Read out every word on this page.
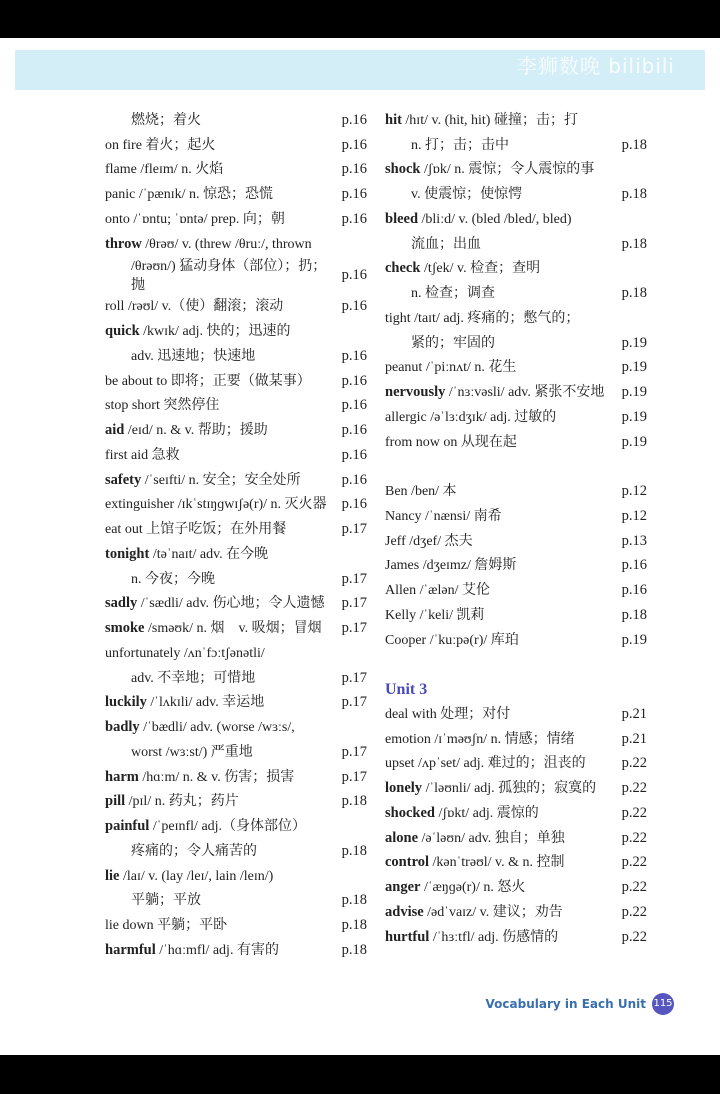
李狮数晚 bilibili
燃烧；着火	p.16
on fire 着火；起火	p.16
flame /fleɪm/ n. 火焰	p.16
panic /ˈpænɪk/ n. 惊恐；恐慌	p.16
onto /ˈɒntu; ˈɒntə/ prep. 向；朝	p.16
throw /θrəʊ/ v. (threw /θruː/, thrown
/θrəʊn/) 猛动身体（部位）；扔；抛
p.16
roll /rəʊl/ v.（使）翻滚；滚动	p.16
quick /kwɪk/ adj. 快的；迅速的
adv. 迅速地；快速地	p.16
be about to 即将；正要（做某事）	p.16
stop short 突然停住	p.16
aid /eɪd/ n. & v. 帮助；援助	p.16
first aid 急救	p.16
safety /ˈseɪfti/ n. 安全；安全处所	p.16
extinguisher /ɪkˈstɪŋɡwɪʃə(r)/ n. 灭火器	p.16
eat out 上馆子吃饭；在外用餐	p.17
tonight /təˈnaɪt/ adv. 在今晚
n. 今夜；今晚	p.17
sadly /ˈsædli/ adv. 伤心地；令人遗憾	p.17
smoke /sməʊk/ n. 烟　v. 吸烟；冒烟	p.17
unfortunately /ʌnˈfɔːtʃənətli/
adv. 不幸地；可惜地	p.17
luckily /ˈlʌkɪli/ adv. 幸运地	p.17
badly /ˈbædli/ adv. (worse /wɜːs/,
worst /wɜːst/) 严重地	p.17
harm /hɑːm/ n. & v. 伤害；损害	p.17
pill /pɪl/ n. 药丸；药片	p.18
painful /ˈpeɪnfl/ adj.（身体部位）
疼痛的；令人痛苦的	p.18
lie /laɪ/ v. (lay /leɪ/, lain /leɪn/)
平躺；平放	p.18
lie down 平躺；平卧	p.18
harmful /ˈhɑːmfl/ adj. 有害的	p.18
hit /hɪt/ v. (hit, hit) 碰撞；击；打
n. 打；击；击中	p.18
shock /ʃɒk/ n. 震惊；令人震惊的事
v. 使震惊；使惊愕	p.18
bleed /bliːd/ v. (bled /bled/, bled)
流血；出血	p.18
check /tʃek/ v. 检查；查明
n. 检查；调查	p.18
tight /taɪt/ adj. 疼痛的；憋气的；
紧的；牢固的	p.19
peanut /ˈpiːnʌt/ n. 花生	p.19
nervously /ˈnɜːvəsli/ adv. 紧张不安地	p.19
allergic /əˈlɜːdʒɪk/ adj. 过敏的	p.19
from now on 从现在起	p.19
Ben /ben/ 本	p.12
Nancy /ˈnænsi/ 南希	p.12
Jeff /dʒef/ 杰夫	p.13
James /dʒeɪmz/ 詹姆斯	p.16
Allen /ˈælən/ 艾伦	p.16
Kelly /ˈkeli/ 凯莉	p.18
Cooper /ˈkuːpə(r)/ 库珀	p.19
Unit 3
deal with 处理；对付	p.21
emotion /ɪˈməʊʃn/ n. 情感；情绪	p.21
upset /ʌpˈset/ adj. 难过的；沮丧的	p.22
lonely /ˈləʊnli/ adj. 孤独的；寂寞的	p.22
shocked /ʃɒkt/ adj. 震惊的	p.22
alone /əˈləʊn/ adv. 独自；单独	p.22
control /kənˈtrəʊl/ v. & n. 控制	p.22
anger /ˈæŋɡə(r)/ n. 怒火	p.22
advise /ədˈvaɪz/ v. 建议；劝告	p.22
hurtful /ˈhɜːtfl/ adj. 伤感情的	p.22
Vocabulary in Each Unit 115
